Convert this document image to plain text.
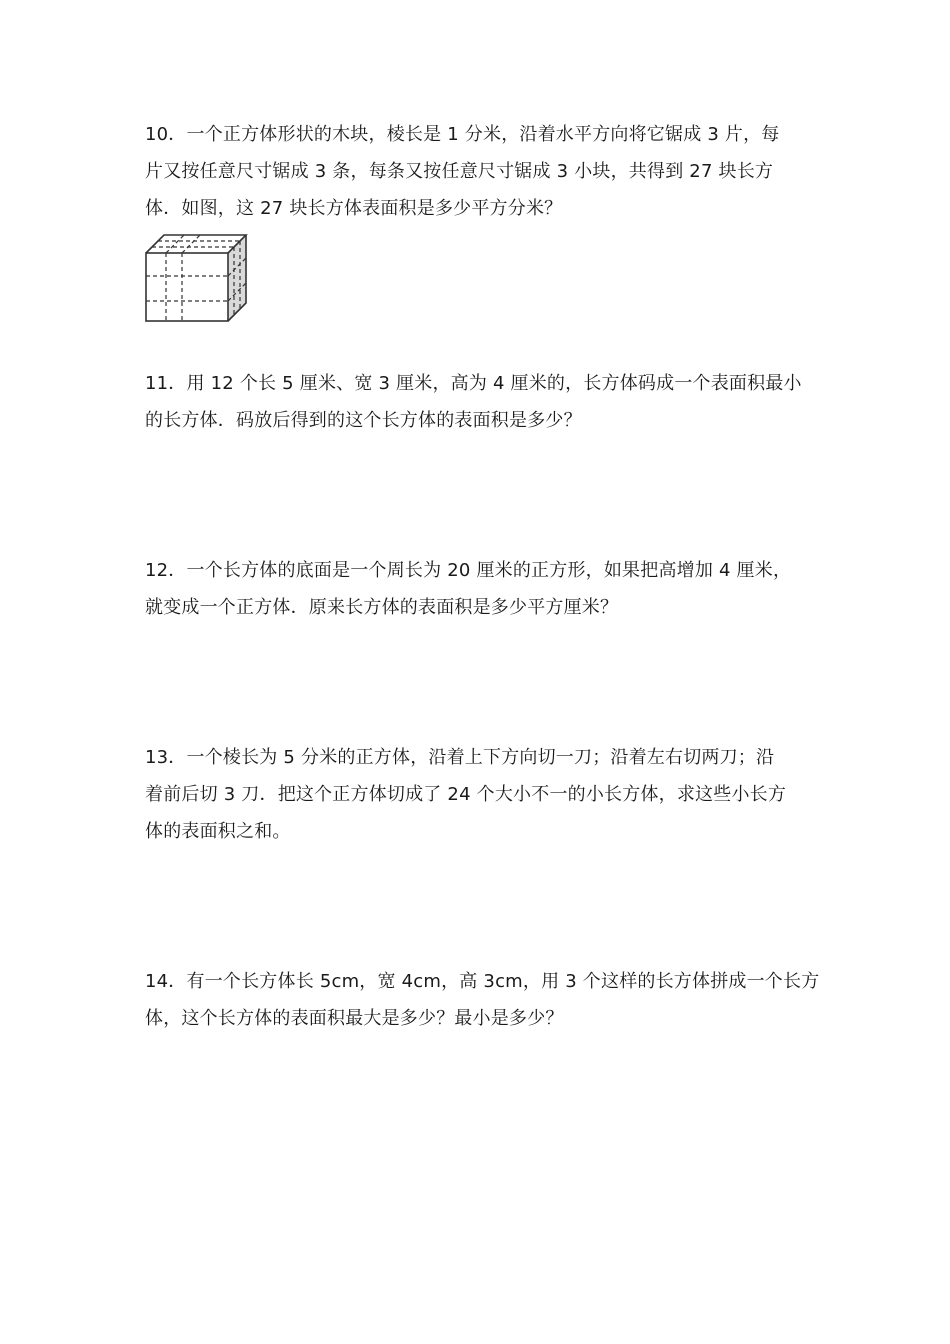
10．一个正方体形状的木块，棱长是 1 分米，沿着水平方向将它锯成 3 片，每
片又按任意尺寸锯成 3 条，每条又按任意尺寸锯成 3 小块，共得到 27 块长方
体．如图，这 27 块长方体表面积是多少平方分米？
11．用 12 个长 5 厘米、宽 3 厘米，高为 4 厘米的，长方体码成一个表面积最小
的长方体．码放后得到的这个长方体的表面积是多少？
12．一个长方体的底面是一个周长为 20 厘米的正方形，如果把高增加 4 厘米，
就变成一个正方体．原来长方体的表面积是多少平方厘米？
13．一个棱长为 5 分米的正方体，沿着上下方向切一刀；沿着左右切两刀；沿
着前后切 3 刀．把这个正方体切成了 24 个大小不一的小长方体，求这些小长方
体的表面积之和。
14．有一个长方体长 5cm，宽 4cm，高 3cm，用 3 个这样的长方体拼成一个长方
体，这个长方体的表面积最大是多少？最小是多少？
